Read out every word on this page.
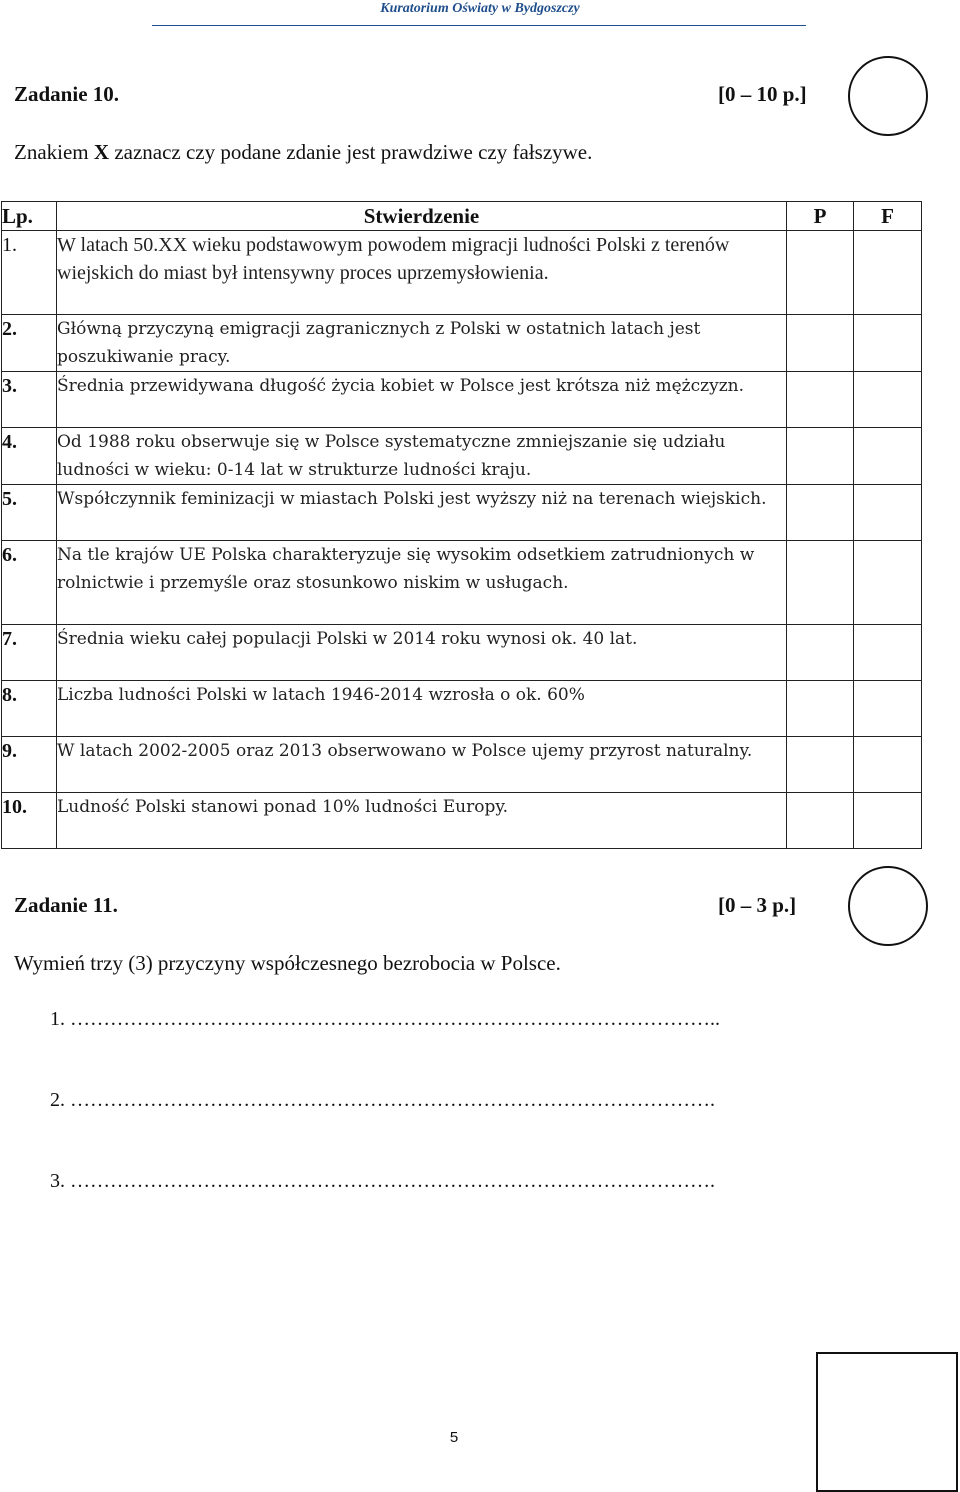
Kuratorium Oświaty w Bydgoszczy
Zadanie 10.	[0 – 10 p.]
Znakiem X zaznacz czy podane zdanie jest prawdziwe czy fałszywe.
Lp.	Stwierdzenie	P	F
1.	W latach 50.XX wieku podstawowym powodem migracji ludności Polski z terenów wiejskich do miast był intensywny proces uprzemysłowienia.		
2.	Główną przyczyną emigracji zagranicznych z Polski w ostatnich latach jest poszukiwanie pracy.		
3.	Średnia przewidywana długość życia kobiet w Polsce jest krótsza niż mężczyzn.		
4.	Od 1988 roku obserwuje się w Polsce systematyczne zmniejszanie się udziału ludności w wieku: 0-14 lat w strukturze ludności kraju.		
5.	Współczynnik feminizacji w miastach Polski jest wyższy niż na terenach wiejskich.		
6.	Na tle krajów UE Polska charakteryzuje się wysokim odsetkiem zatrudnionych w rolnictwie i przemyśle oraz stosunkowo niskim w usługach.		
7.	Średnia wieku całej populacji Polski w 2014 roku wynosi ok. 40 lat.		
8.	Liczba ludności Polski w latach 1946-2014 wzrosła o ok. 60%		
9.	W latach 2002-2005 oraz 2013 obserwowano w Polsce ujemy przyrost naturalny.		
10.	Ludność Polski stanowi ponad 10% ludności Europy.		
Zadanie 11.	[0 – 3 p.]
Wymień trzy (3) przyczyny współczesnego bezrobocia w Polsce.
1. ……………………………………………………………………………………..
2. …………………………………………………………………………………….
3. …………………………………………………………………………………….
5
